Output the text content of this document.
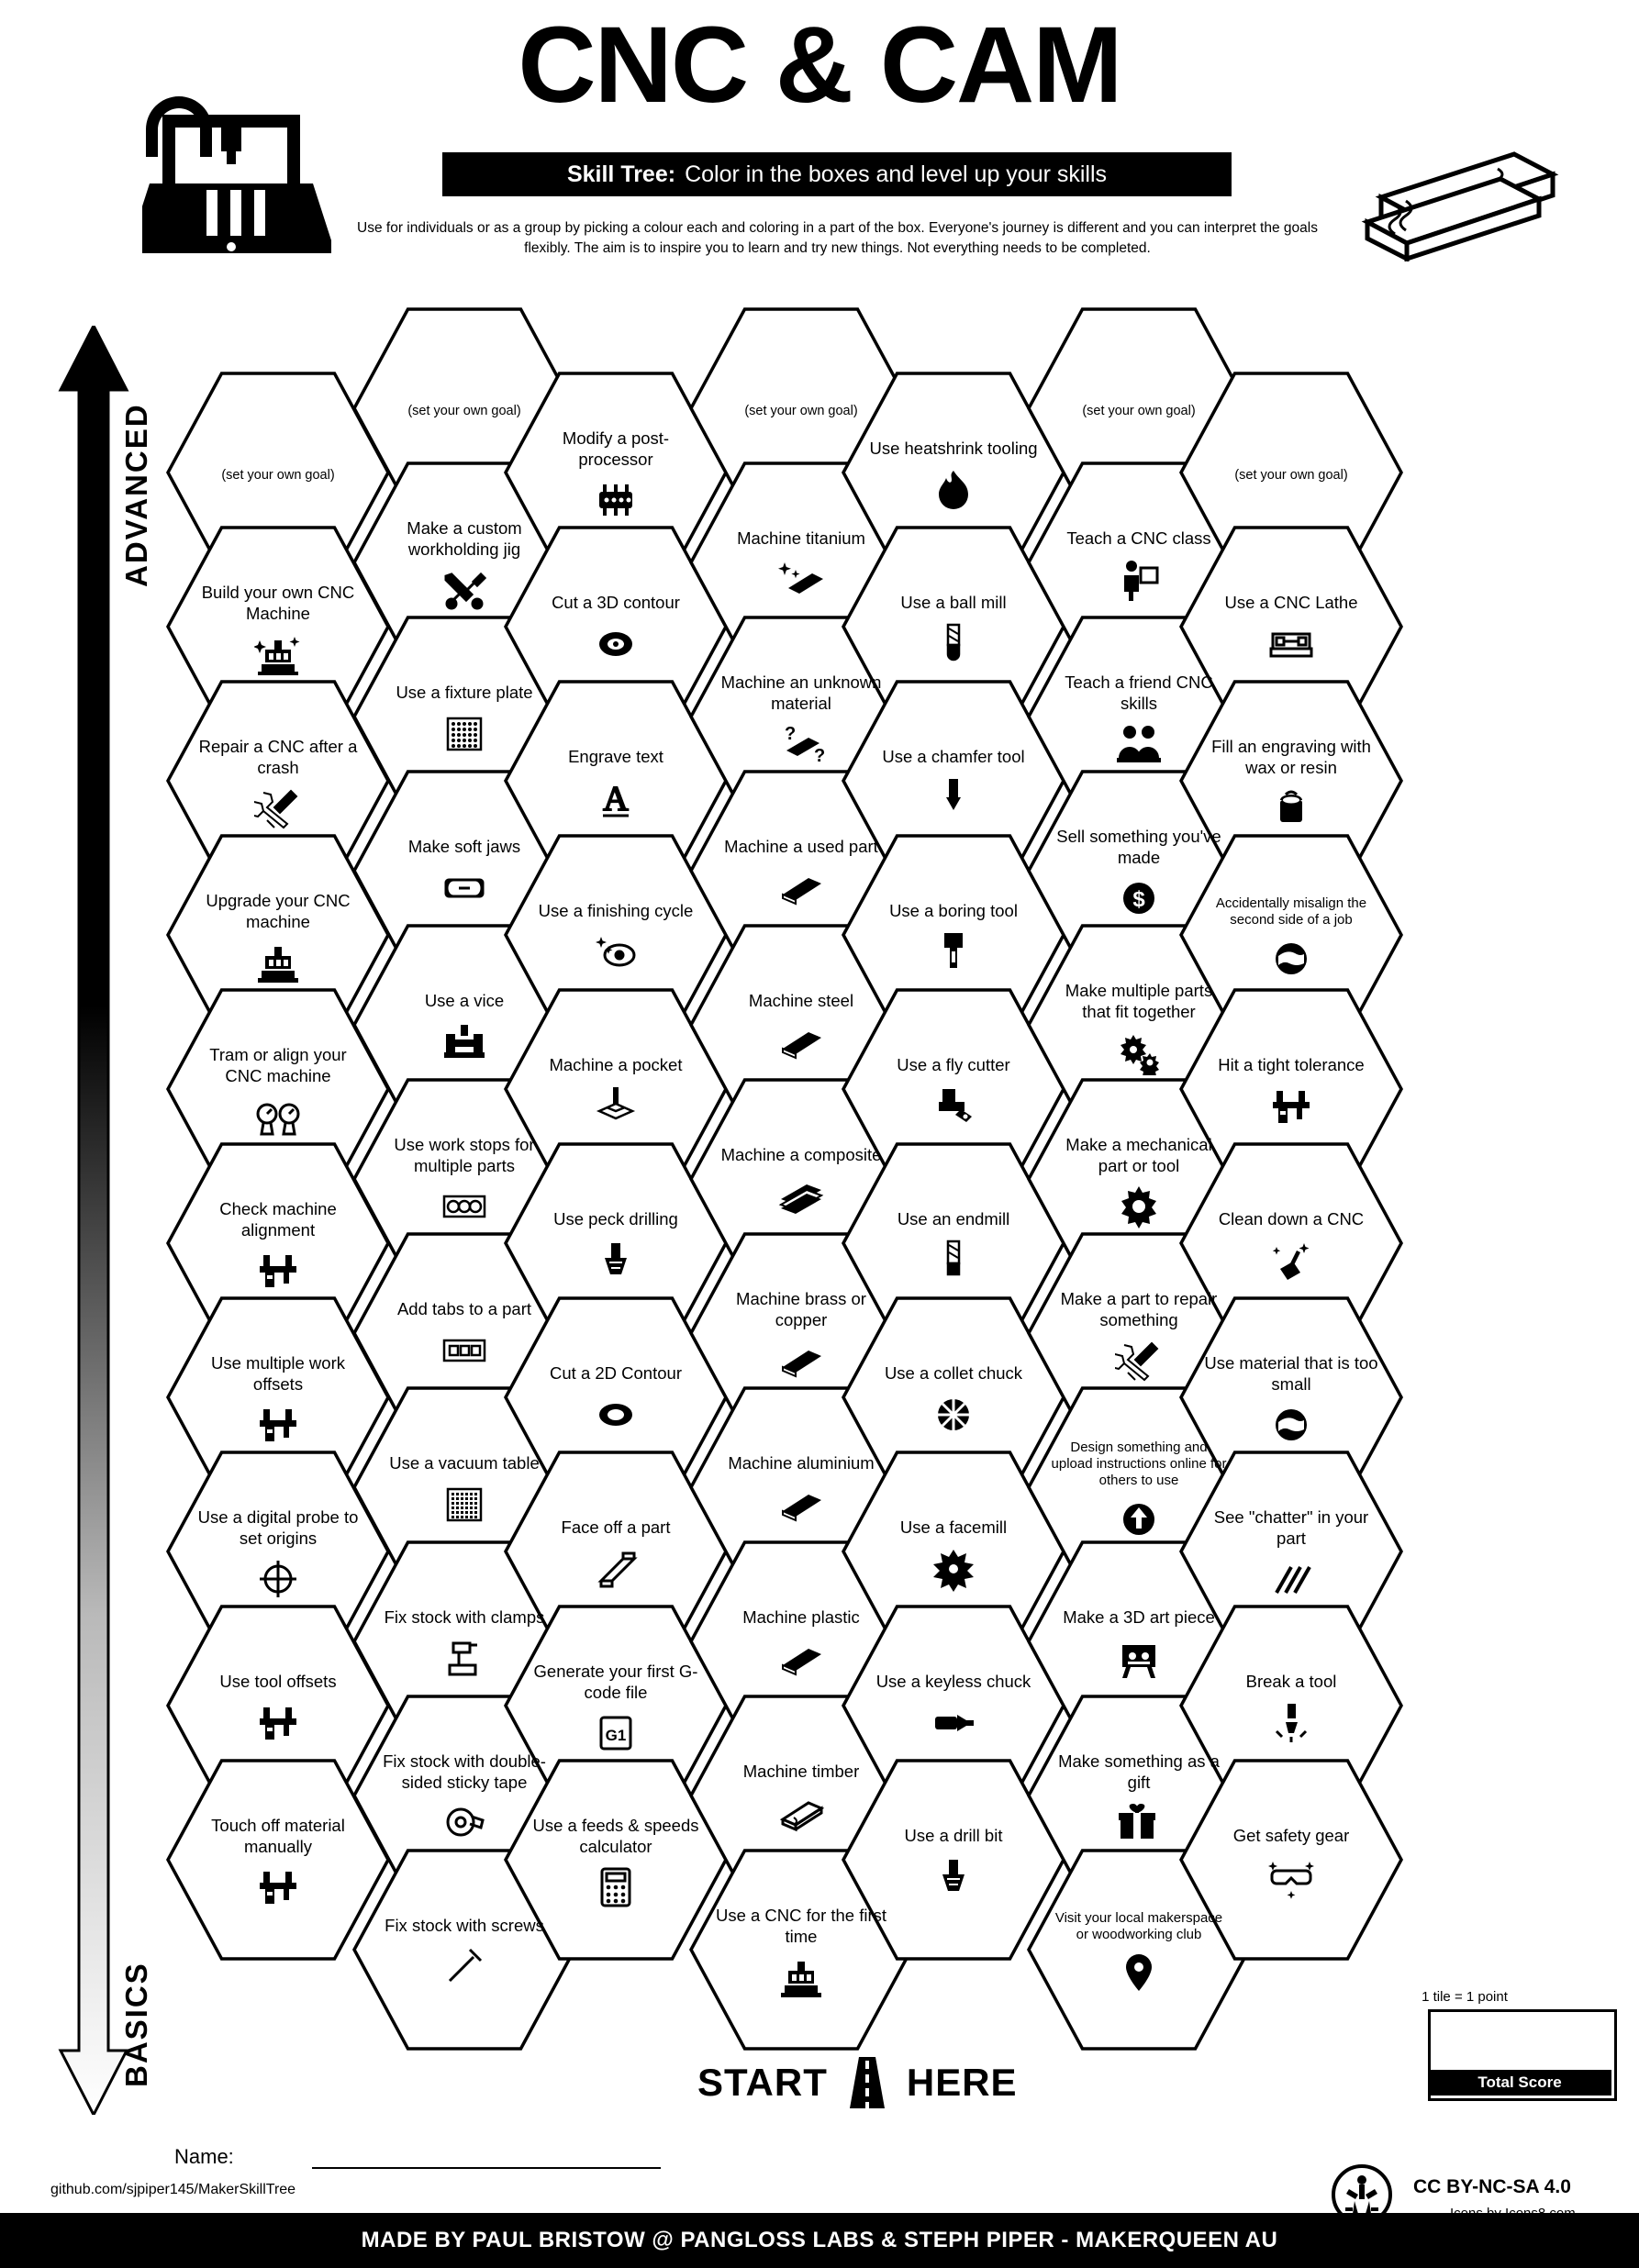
CNC & CAM
Skill Tree: Color in the boxes and level up your skills
Use for individuals or as a group by picking a colour each and coloring in a part of the box. Everyone's journey is different and you can interpret the goals flexibly. The aim is to inspire you to learn and try new things. Not everything needs to be completed.
ADVANCED
BASICS
(set your own goal)
Build your own CNC Machine
Repair a CNC after a crash
Upgrade your CNC machine
Tram or align your CNC machine
Check machine alignment
Use multiple work offsets
Use a digital probe to set origins
Use tool offsets
Touch off material manually
(set your own goal)
Make a custom workholding jig
Use a fixture plate
Make soft jaws
Use a vice
Use work stops for multiple parts
Add tabs to a part
Use a vacuum table
Fix stock with clamps
Fix stock with double-sided sticky tape
Fix stock with screws
Modify a post-processor
Cut a 3D contour
Engrave text
A
Use a finishing cycle
Machine a pocket
Use peck drilling
Cut a 2D Contour
Face off a part
Generate your first G-code file
G1
Use a feeds & speeds calculator
(set your own goal)
Machine titanium
Machine an unknown material
?
?
Machine a used part
Machine steel
Machine a composite
Machine brass or copper
Machine aluminium
Machine plastic
Machine timber
Use a CNC for the first time
Use heatshrink tooling
Use a ball mill
Use a chamfer tool
Use a boring tool
Use a fly cutter
Use an endmill
Use a collet chuck
Use a facemill
Use a keyless chuck
Use a drill bit
(set your own goal)
Teach a CNC class
Teach a friend CNC skills
Sell something you've made
$
Make multiple parts that fit together
Make a mechanical part or tool
Make a part to repair something
Design something and upload instructions online for others to use
Make a 3D art piece
Make something as a gift
Visit your local makerspace or woodworking club
(set your own goal)
Use a CNC Lathe
Fill an engraving with wax or resin
Accidentally misalign the second side of a job
Hit a tight tolerance
Clean down a CNC
Use material that is too small
See "chatter" in your part
Break a tool
Get safety gear
START HERE
1 tile = 1 point
Total Score
Name:
github.com/sjpiper145/MakerSkillTree	CC BY-NC-SA 4.0
MADE BY PAUL BRISTOW @ PANGLOSS LABS & STEPH PIPER - MAKERQUEEN AU
